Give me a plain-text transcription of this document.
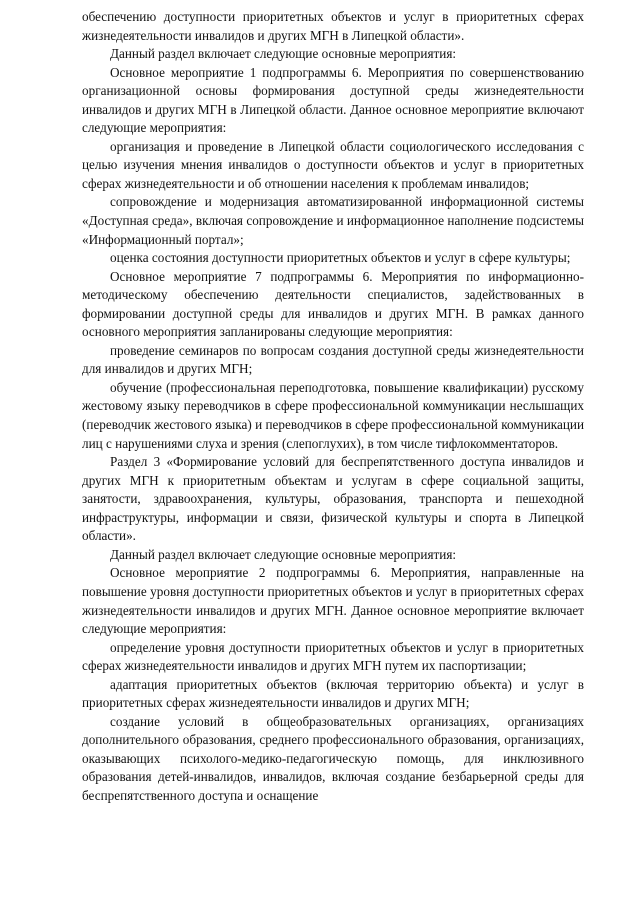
обеспечению доступности приоритетных объектов и услуг в приоритетных сферах жизнедеятельности инвалидов и других МГН в Липецкой области».

Данный раздел включает следующие основные мероприятия:

Основное мероприятие 1 подпрограммы 6. Мероприятия по совершенствованию организационной основы формирования доступной среды жизнедеятельности инвалидов и других МГН в Липецкой области. Данное основное мероприятие включают следующие мероприятия:

организация и проведение в Липецкой области социологического исследования с целью изучения мнения инвалидов о доступности объектов и услуг в приоритетных сферах жизнедеятельности и об отношении населения к проблемам инвалидов;

сопровождение и модернизация автоматизированной информационной системы «Доступная среда», включая сопровождение и информационное наполнение подсистемы «Информационный портал»;

оценка состояния доступности приоритетных объектов и услуг в сфере культуры;

Основное мероприятие 7 подпрограммы 6. Мероприятия по информационно-методическому обеспечению деятельности специалистов, задействованных в формировании доступной среды для инвалидов и других МГН. В рамках данного основного мероприятия запланированы следующие мероприятия:

проведение семинаров по вопросам создания доступной среды жизнедеятельности для инвалидов и других МГН;

обучение (профессиональная переподготовка, повышение квалификации) русскому жестовому языку переводчиков в сфере профессиональной коммуникации неслышащих (переводчик жестового языка) и переводчиков в сфере профессиональной коммуникации лиц с нарушениями слуха и зрения (слепоглухих), в том числе тифлокомментаторов.

Раздел 3 «Формирование условий для беспрепятственного доступа инвалидов и других МГН к приоритетным объектам и услугам в сфере социальной защиты, занятости, здравоохранения, культуры, образования, транспорта и пешеходной инфраструктуры, информации и связи, физической культуры и спорта в Липецкой области».

Данный раздел включает следующие основные мероприятия:

Основное мероприятие 2 подпрограммы 6. Мероприятия, направленные на повышение уровня доступности приоритетных объектов и услуг в приоритетных сферах жизнедеятельности инвалидов и других МГН. Данное основное мероприятие включает следующие мероприятия:

определение уровня доступности приоритетных объектов и услуг в приоритетных сферах жизнедеятельности инвалидов и других МГН путем их паспортизации;

адаптация приоритетных объектов (включая территорию объекта) и услуг в приоритетных сферах жизнедеятельности инвалидов и других МГН;

создание условий в общеобразовательных организациях, организациях дополнительного образования, среднего профессионального образования, организациях, оказывающих психолого-медико-педагогическую помощь, для инклюзивного образования детей-инвалидов, инвалидов, включая создание безбарьерной среды для беспрепятственного доступа и оснащение
